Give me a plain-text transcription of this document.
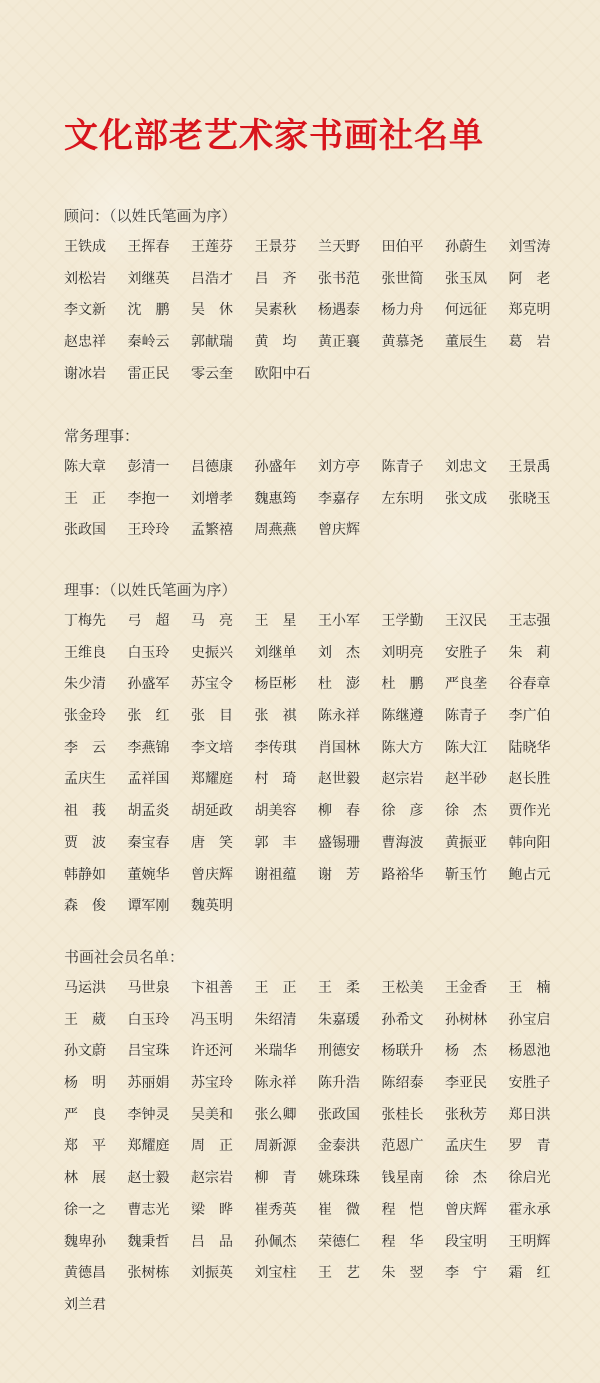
文化部老艺术家书画社名单
顾问：（以姓氏笔画为序）
王铁成	王挥春	王莲芬	王景芬	兰天野	田伯平	孙蔚生	刘雪涛
刘松岩	刘继英	吕浩才	吕　齐	张书范	张世简	张玉凤	阿　老
李文新	沈　鹏	吴　休	吴素秋	杨遇泰	杨力舟	何远征	郑克明
赵忠祥	秦岭云	郭献瑞	黄　均	黄正襄	黄慕尧	董辰生	葛　岩
谢冰岩	雷正民	零云奎	欧阳中石
常务理事：
陈大章	彭清一	吕德康	孙盛年	刘方亭	陈青子	刘忠文	王景禹
王　正	李抱一	刘增孝	魏惠筠	李嘉存	左东明	张文成	张晓玉
张政国	王玲玲	孟繁禧	周燕燕	曾庆辉
理事：（以姓氏笔画为序）
丁梅先	弓　超	马　亮	王　星	王小军	王学勤	王汉民	王志强
王维良	白玉玲	史振兴	刘继单	刘　杰	刘明亮	安胜子	朱　莉
朱少清	孙盛军	苏宝令	杨臣彬	杜　澎	杜　鹏	严良垄	谷春章
张金玲	张　红	张　目	张　祺	陈永祥	陈继遵	陈青子	李广伯
李　云	李燕锦	李文培	李传琪	肖国林	陈大方	陈大江	陆晓华
孟庆生	孟祥国	郑耀庭	村　琦	赵世毅	赵宗岩	赵半砂	赵长胜
祖　莪	胡孟炎	胡延政	胡美容	柳　春	徐　彦	徐　杰	贾作光
贾　波	秦宝春	唐　笑	郭　丰	盛锡珊	曹海波	黄振亚	韩向阳
韩静如	董婉华	曾庆辉	谢祖蕴	谢　芳	路裕华	靳玉竹	鲍占元
森　俊	谭军刚	魏英明
书画社会员名单：
马运洪	马世泉	卞祖善	王　正	王　柔	王松美	王金香	王　楠
王　葳	白玉玲	冯玉明	朱绍清	朱嘉瑗	孙希文	孙树林	孙宝启
孙文蔚	吕宝珠	许还河	米瑞华	刑德安	杨联升	杨　杰	杨恩池
杨　明	苏丽娟	苏宝玲	陈永祥	陈升浩	陈绍泰	李亚民	安胜子
严　良	李钟灵	吴美和	张么卿	张政国	张桂长	张秋芳	郑日洪
郑　平	郑耀庭	周　正	周新源	金泰洪	范恩广	孟庆生	罗　青
林　展	赵士毅	赵宗岩	柳　青	姚珠珠	钱星南	徐　杰	徐启光
徐一之	曹志光	梁　晔	崔秀英	崔　微	程　恺	曾庆辉	霍永承
魏卑孙	魏秉哲	吕　品	孙佩杰	荣德仁	程　华	段宝明	王明辉
黄德昌	张树栋	刘振英	刘宝柱	王　艺	朱　翌	李　宁	霜　红
刘兰君
